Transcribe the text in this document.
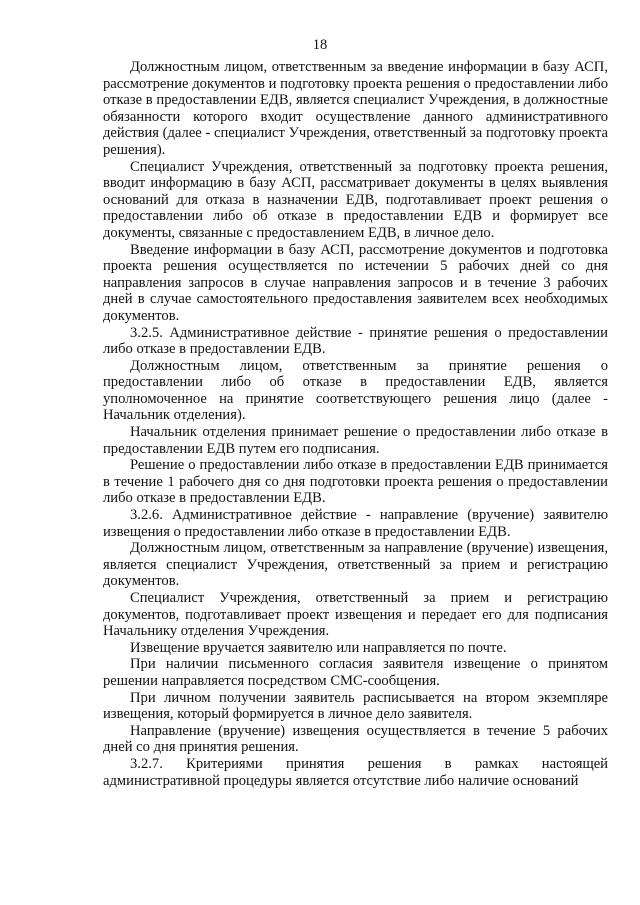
18

Должностным лицом, ответственным за введение информации в базу АСП, рассмотрение документов и подготовку проекта решения о предоставлении либо отказе в предоставлении ЕДВ, является специалист Учреждения, в должностные обязанности которого входит осуществление данного административного действия (далее - специалист Учреждения, ответственный за подготовку проекта решения).

Специалист Учреждения, ответственный за подготовку проекта решения, вводит информацию в базу АСП, рассматривает документы в целях выявления оснований для отказа в назначении ЕДВ, подготавливает проект решения о предоставлении либо об отказе в предоставлении ЕДВ и формирует все документы, связанные с предоставлением ЕДВ, в личное дело.

Введение информации в базу АСП, рассмотрение документов и подготовка проекта решения осуществляется по истечении 5 рабочих дней со дня направления запросов в случае направления запросов и в течение 3 рабочих дней в случае самостоятельного предоставления заявителем всех необходимых документов.

3.2.5. Административное действие - принятие решения о предоставлении либо отказе в предоставлении ЕДВ.

Должностным лицом, ответственным за принятие решения о предоставлении либо об отказе в предоставлении ЕДВ, является уполномоченное на принятие соответствующего решения лицо (далее - Начальник отделения).

Начальник отделения принимает решение о предоставлении либо отказе в предоставлении ЕДВ путем его подписания.

Решение о предоставлении либо отказе в предоставлении ЕДВ принимается в течение 1 рабочего дня со дня подготовки проекта решения о предоставлении либо отказе в предоставлении ЕДВ.

3.2.6. Административное действие - направление (вручение) заявителю извещения о предоставлении либо отказе в предоставлении ЕДВ.

Должностным лицом, ответственным за направление (вручение) извещения, является специалист Учреждения, ответственный за прием и регистрацию документов.

Специалист Учреждения, ответственный за прием и регистрацию документов, подготавливает проект извещения и передает его для подписания Начальнику отделения Учреждения.

Извещение вручается заявителю или направляется по почте.

При наличии письменного согласия заявителя извещение о принятом решении направляется посредством СМС-сообщения.

При личном получении заявитель расписывается на втором экземпляре извещения, который формируется в личное дело заявителя.

Направление (вручение) извещения осуществляется в течение 5 рабочих дней со дня принятия решения.

3.2.7. Критериями принятия решения в рамках настоящей административной процедуры является отсутствие либо наличие оснований
